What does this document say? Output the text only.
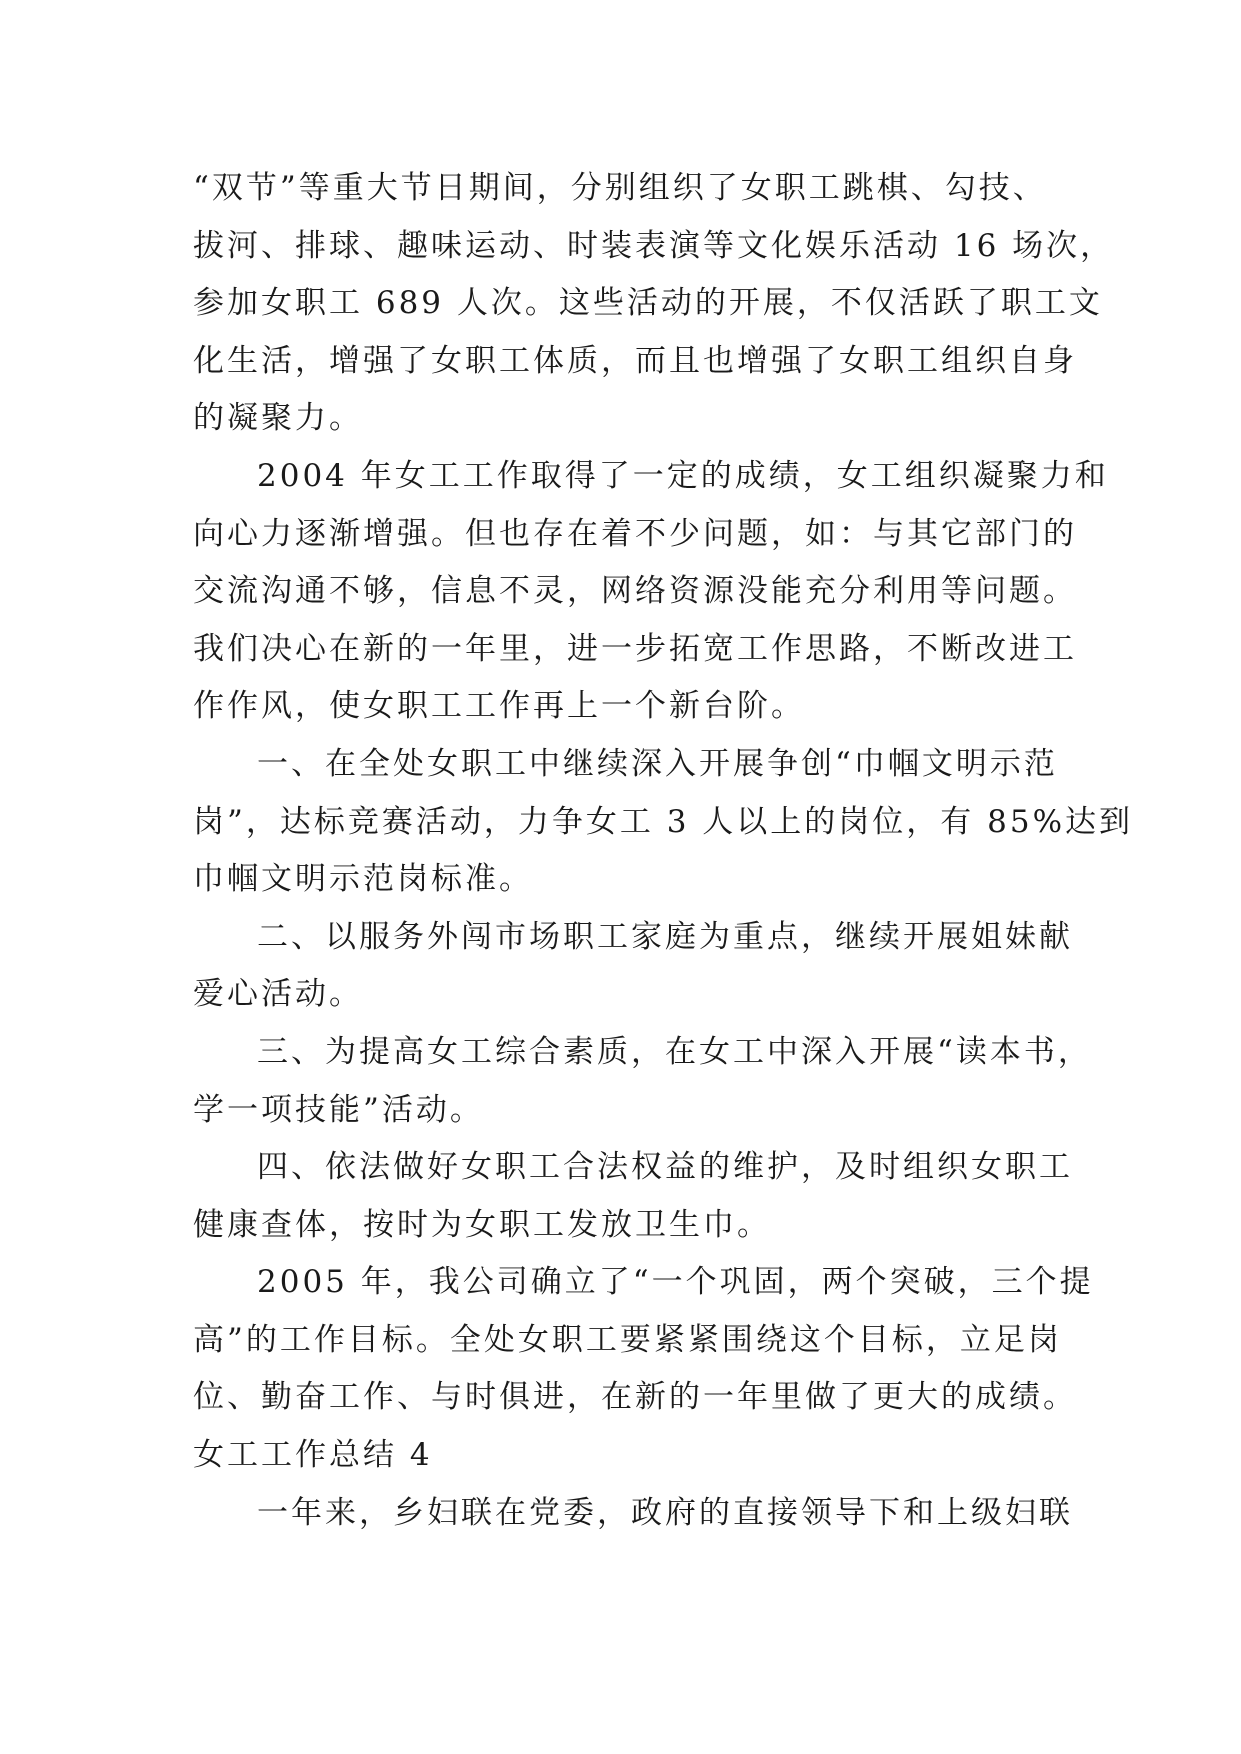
“双节”等重大节日期间，分别组织了女职工跳棋、勾技、
拔河、排球、趣味运动、时装表演等文化娱乐活动 16 场次，
参加女职工 689 人次。这些活动的开展，不仅活跃了职工文
化生活，增强了女职工体质，而且也增强了女职工组织自身
的凝聚力。
2004 年女工工作取得了一定的成绩，女工组织凝聚力和
向心力逐渐增强。但也存在着不少问题，如：与其它部门的
交流沟通不够，信息不灵，网络资源没能充分利用等问题。
我们决心在新的一年里，进一步拓宽工作思路，不断改进工
作作风，使女职工工作再上一个新台阶。
一、在全处女职工中继续深入开展争创“巾帼文明示范
岗”，达标竞赛活动，力争女工 3 人以上的岗位，有 85%达到
巾帼文明示范岗标准。
二、以服务外闯市场职工家庭为重点，继续开展姐妹献
爱心活动。
三、为提高女工综合素质，在女工中深入开展“读本书，
学一项技能”活动。
四、依法做好女职工合法权益的维护，及时组织女职工
健康查体，按时为女职工发放卫生巾。
2005 年，我公司确立了“一个巩固，两个突破，三个提
高”的工作目标。全处女职工要紧紧围绕这个目标，立足岗
位、勤奋工作、与时俱进，在新的一年里做了更大的成绩。
女工工作总结 4
一年来，乡妇联在党委，政府的直接领导下和上级妇联
